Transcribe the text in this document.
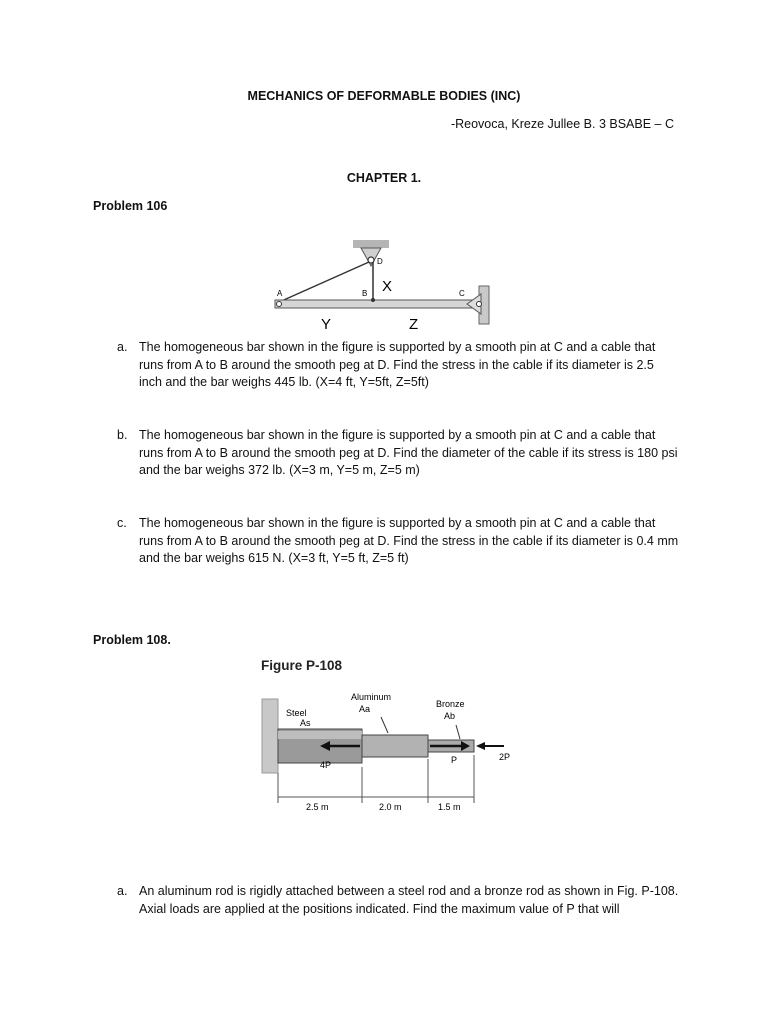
MECHANICS OF DEFORMABLE BODIES (INC)
-Reovoca, Kreze Jullee B. 3 BSABE – C
CHAPTER 1.
Problem 106
A	B	C
D
X
Y	Z
a. The homogeneous bar shown in the figure is supported by a smooth pin at C and a cable that runs from A to B around the smooth peg at D. Find the stress in the cable if its diameter is 2.5 inch and the bar weighs 445 lb. (X=4 ft, Y=5ft, Z=5ft)
b. The homogeneous bar shown in the figure is supported by a smooth pin at C and a cable that runs from A to B around the smooth peg at D. Find the diameter of the cable if its stress is 180 psi and the bar weighs 372 lb. (X=3 m, Y=5 m, Z=5 m)
c. The homogeneous bar shown in the figure is supported by a smooth pin at C and a cable that runs from A to B around the smooth peg at D. Find the stress in the cable if its diameter is 0.4 mm and the bar weighs 615 N. (X=3 ft, Y=5 ft, Z=5 ft)
Problem 108.
Figure P-108
Aluminum
Aa
Steel
As
Bronze
Ab
4P	P	2P
2.5 m	2.0 m	1.5 m
a. An aluminum rod is rigidly attached between a steel rod and a bronze rod as shown in Fig. P-108. Axial loads are applied at the positions indicated. Find the maximum value of P that will
